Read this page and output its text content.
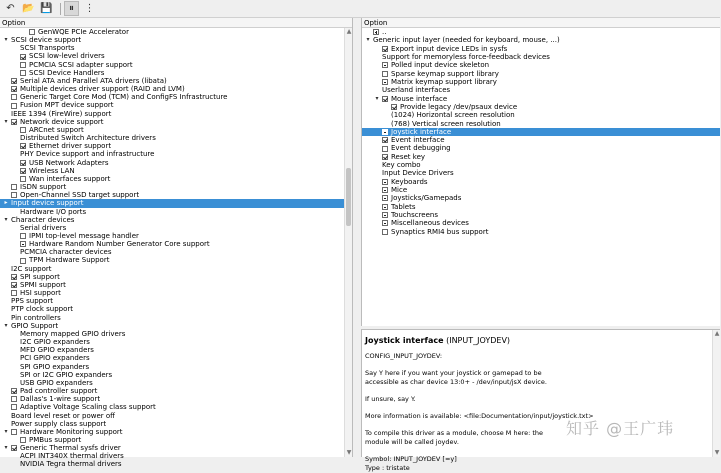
↶ 📂 💾	⏸	⋮
Option
GenWQE PCIe Accelerator
▾ SCSI device support
SCSI Transports
SCSI low-level drivers
PCMCIA SCSI adapter support
SCSI Device Handlers
Serial ATA and Parallel ATA drivers (libata)
Multiple devices driver support (RAID and LVM)
Generic Target Core Mod (TCM) and ConfigFS Infrastructure
Fusion MPT device support
IEEE 1394 (FireWire) support
▾	Network device support
ARCnet support
Distributed Switch Architecture drivers
Ethernet driver support
PHY Device support and infrastructure
USB Network Adapters
Wireless LAN
Wan interfaces support
ISDN support
Open-Channel SSD target support
▸ Input device support
Hardware I/O ports
▾ Character devices
Serial drivers
IPMI top-level message handler
Hardware Random Number Generator Core support
PCMCIA character devices
TPM Hardware Support
I2C support
SPI support
SPMI support
HSI support
PPS support
PTP clock support
Pin controllers
▾ GPIO Support
Memory mapped GPIO drivers
I2C GPIO expanders
MFD GPIO expanders
PCI GPIO expanders
SPI GPIO expanders
SPI or I2C GPIO expanders
USB GPIO expanders
Pad controller support
Dallas's 1-wire support
Adaptive Voltage Scaling class support
Board level reset or power off
Power supply class support
▾	Hardware Monitoring support
PMBus support
▾	Generic Thermal sysfs driver
ACPI INT340X thermal drivers
NVIDIA Tegra thermal drivers
▲
▼
Option
..
▾ Generic input layer (needed for keyboard, mouse, ...)
Export input device LEDs in sysfs
Support for memoryless force-feedback devices
Polled input device skeleton
Sparse keymap support library
Matrix keymap support library
Userland interfaces
▾	Mouse interface
Provide legacy /dev/psaux device
(1024) Horizontal screen resolution
(768) Vertical screen resolution
Joystick interface
Event interface
Event debugging
Reset key
Key combo
Input Device Drivers
Keyboards
Mice
Joysticks/Gamepads
Tablets
Touchscreens
Miscellaneous devices
Synaptics RMI4 bus support
Joystick interface (INPUT_JOYDEV)
CONFIG_INPUT_JOYDEV:
Say Y here if you want your joystick or gamepad to be
accessible as char device 13:0+ - /dev/input/jsX device.
If unsure, say Y.
More information is available: <file:Documentation/input/joystick.txt>
To compile this driver as a module, choose M here: the
module will be called joydev.
Symbol: INPUT_JOYDEV [=y]
Type : tristate
▲
▼
知乎 @王广玮
